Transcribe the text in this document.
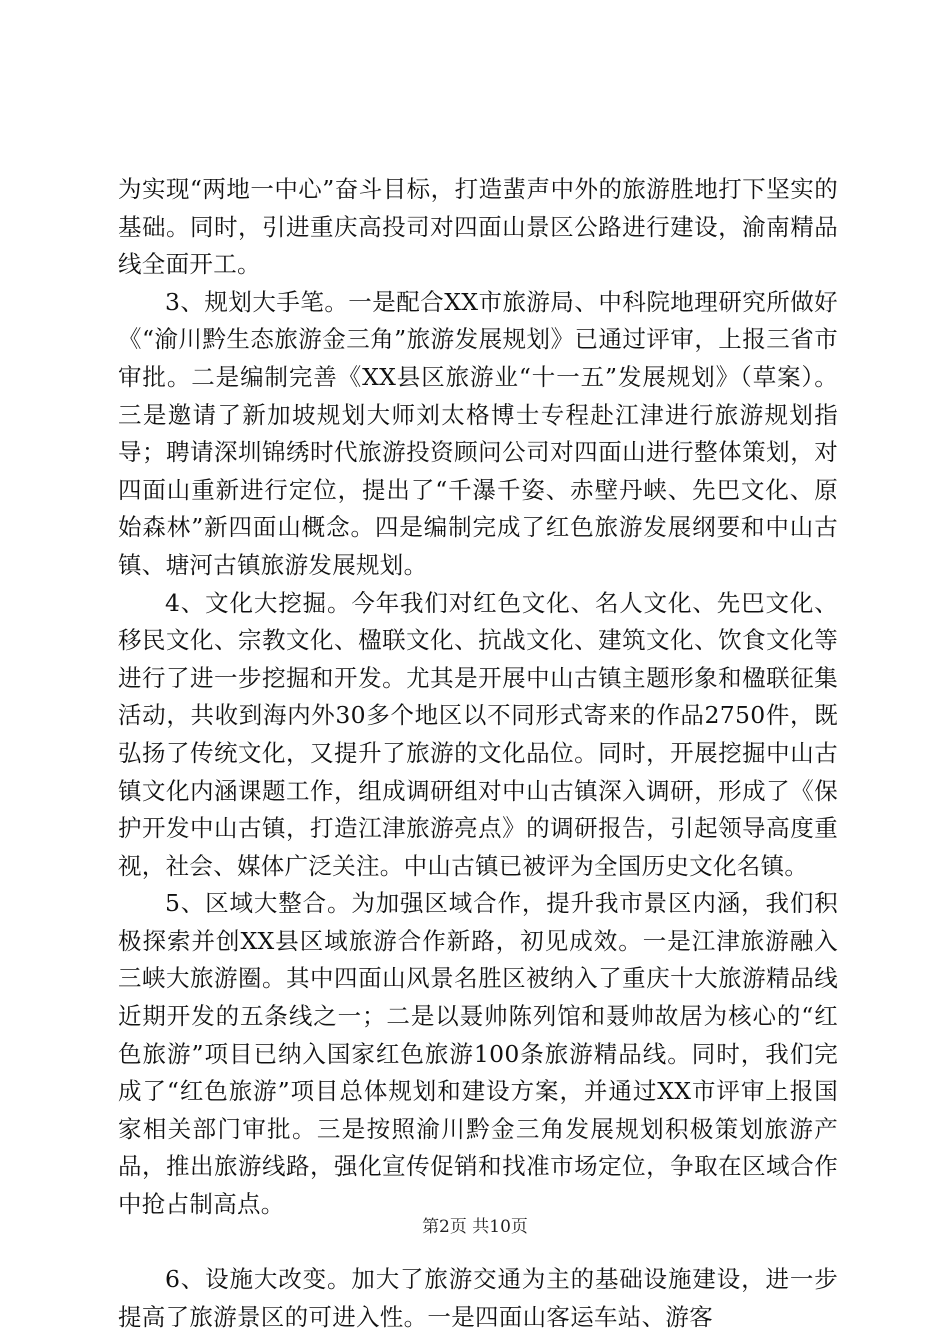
为实现“两地一中心”奋斗目标，打造蜚声中外的旅游胜地打下坚实的基础。同时，引进重庆高投司对四面山景区公路进行建设，渝南精品线全面开工。

3、规划大手笔。一是配合XX市旅游局、中科院地理研究所做好《“渝川黔生态旅游金三角”旅游发展规划》已通过评审，上报三省市审批。二是编制完善《XX县区旅游业“十一五”发展规划》（草案）。三是邀请了新加坡规划大师刘太格博士专程赴江津进行旅游规划指导；聘请深圳锦绣时代旅游投资顾问公司对四面山进行整体策划，对四面山重新进行定位，提出了“千瀑千姿、赤壁丹峡、先巴文化、原始森林”新四面山概念。四是编制完成了红色旅游发展纲要和中山古镇、塘河古镇旅游发展规划。

4、文化大挖掘。今年我们对红色文化、名人文化、先巴文化、移民文化、宗教文化、楹联文化、抗战文化、建筑文化、饮食文化等进行了进一步挖掘和开发。尤其是开展中山古镇主题形象和楹联征集活动，共收到海内外30多个地区以不同形式寄来的作品2750件，既弘扬了传统文化，又提升了旅游的文化品位。同时，开展挖掘中山古镇文化内涵课题工作，组成调研组对中山古镇深入调研，形成了《保护开发中山古镇，打造江津旅游亮点》的调研报告，引起领导高度重视，社会、媒体广泛关注。中山古镇已被评为全国历史文化名镇。

5、区域大整合。为加强区域合作，提升我市景区内涵，我们积极探索并创XX县区域旅游合作新路，初见成效。一是江津旅游融入三峡大旅游圈。其中四面山风景名胜区被纳入了重庆十大旅游精品线近期开发的五条线之一；二是以聂帅陈列馆和聂帅故居为核心的“红色旅游”项目已纳入国家红色旅游100条旅游精品线。同时，我们完成了“红色旅游”项目总体规划和建设方案，并通过XX市评审上报国家相关部门审批。三是按照渝川黔金三角发展规划积极策划旅游产品，推出旅游线路，强化宣传促销和找准市场定位，争取在区域合作中抢占制高点。

6、设施大改变。加大了旅游交通为主的基础设施建设，进一步提高了旅游景区的可进入性。一是四面山客运车站、游客

第2页 共10页
